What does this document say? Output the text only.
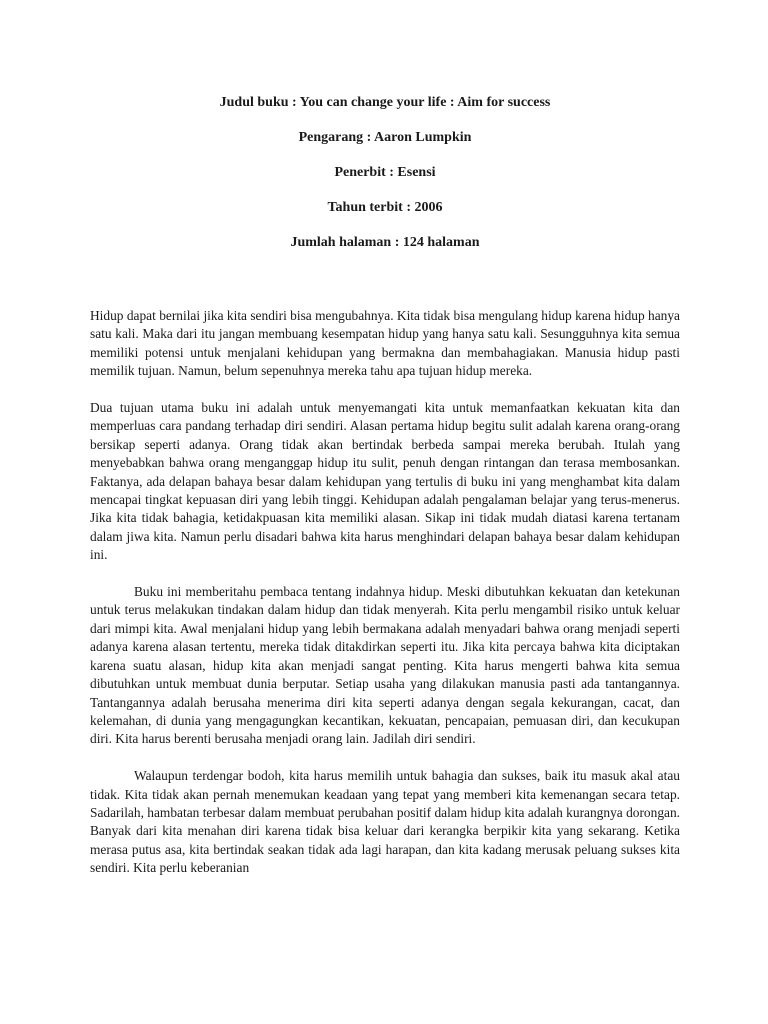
Judul buku : You can change your life : Aim for success
Pengarang : Aaron Lumpkin
Penerbit : Esensi
Tahun terbit : 2006
Jumlah halaman : 124 halaman

Hidup dapat bernilai jika kita sendiri bisa mengubahnya. Kita tidak bisa mengulang hidup karena hidup hanya satu kali. Maka dari itu jangan membuang kesempatan hidup yang hanya satu kali. Sesungguhnya kita semua memiliki potensi untuk menjalani kehidupan yang bermakna dan membahagiakan. Manusia hidup pasti memilik tujuan. Namun, belum sepenuhnya mereka tahu apa tujuan hidup mereka.

Dua tujuan utama buku ini adalah untuk menyemangati kita untuk memanfaatkan kekuatan kita dan memperluas cara pandang terhadap diri sendiri. Alasan pertama hidup begitu sulit adalah karena orang-orang bersikap seperti adanya. Orang tidak akan bertindak berbeda sampai mereka berubah. Itulah yang menyebabkan bahwa orang menganggap hidup itu sulit, penuh dengan rintangan dan terasa membosankan. Faktanya, ada delapan bahaya besar dalam kehidupan yang tertulis di buku ini yang menghambat kita dalam mencapai tingkat kepuasan diri yang lebih tinggi. Kehidupan adalah pengalaman belajar yang terus-menerus. Jika kita tidak bahagia, ketidakpuasan kita memiliki alasan. Sikap ini tidak mudah diatasi karena tertanam dalam jiwa kita. Namun perlu disadari bahwa kita harus menghindari delapan bahaya besar dalam kehidupan ini.

Buku ini memberitahu pembaca tentang indahnya hidup. Meski dibutuhkan kekuatan dan ketekunan untuk terus melakukan tindakan dalam hidup dan tidak menyerah. Kita perlu mengambil risiko untuk keluar dari mimpi kita. Awal menjalani hidup yang lebih bermakana adalah menyadari bahwa orang menjadi seperti adanya karena alasan tertentu, mereka tidak ditakdirkan seperti itu. Jika kita percaya bahwa kita diciptakan karena suatu alasan, hidup kita akan menjadi sangat penting. Kita harus mengerti bahwa kita semua dibutuhkan untuk membuat dunia berputar. Setiap usaha yang dilakukan manusia pasti ada tantangannya. Tantangannya adalah berusaha menerima diri kita seperti adanya dengan segala kekurangan, cacat, dan kelemahan, di dunia yang mengagungkan kecantikan, kekuatan, pencapaian, pemuasan diri, dan kecukupan diri. Kita harus berenti berusaha menjadi orang lain. Jadilah diri sendiri.

Walaupun terdengar bodoh, kita harus memilih untuk bahagia dan sukses, baik itu masuk akal atau tidak. Kita tidak akan pernah menemukan keadaan yang tepat yang memberi kita kemenangan secara tetap. Sadarilah, hambatan terbesar dalam membuat perubahan positif dalam hidup kita adalah kurangnya dorongan. Banyak dari kita menahan diri karena tidak bisa keluar dari kerangka berpikir kita yang sekarang. Ketika merasa putus asa, kita bertindak seakan tidak ada lagi harapan, dan kita kadang merusak peluang sukses kita sendiri. Kita perlu keberanian
